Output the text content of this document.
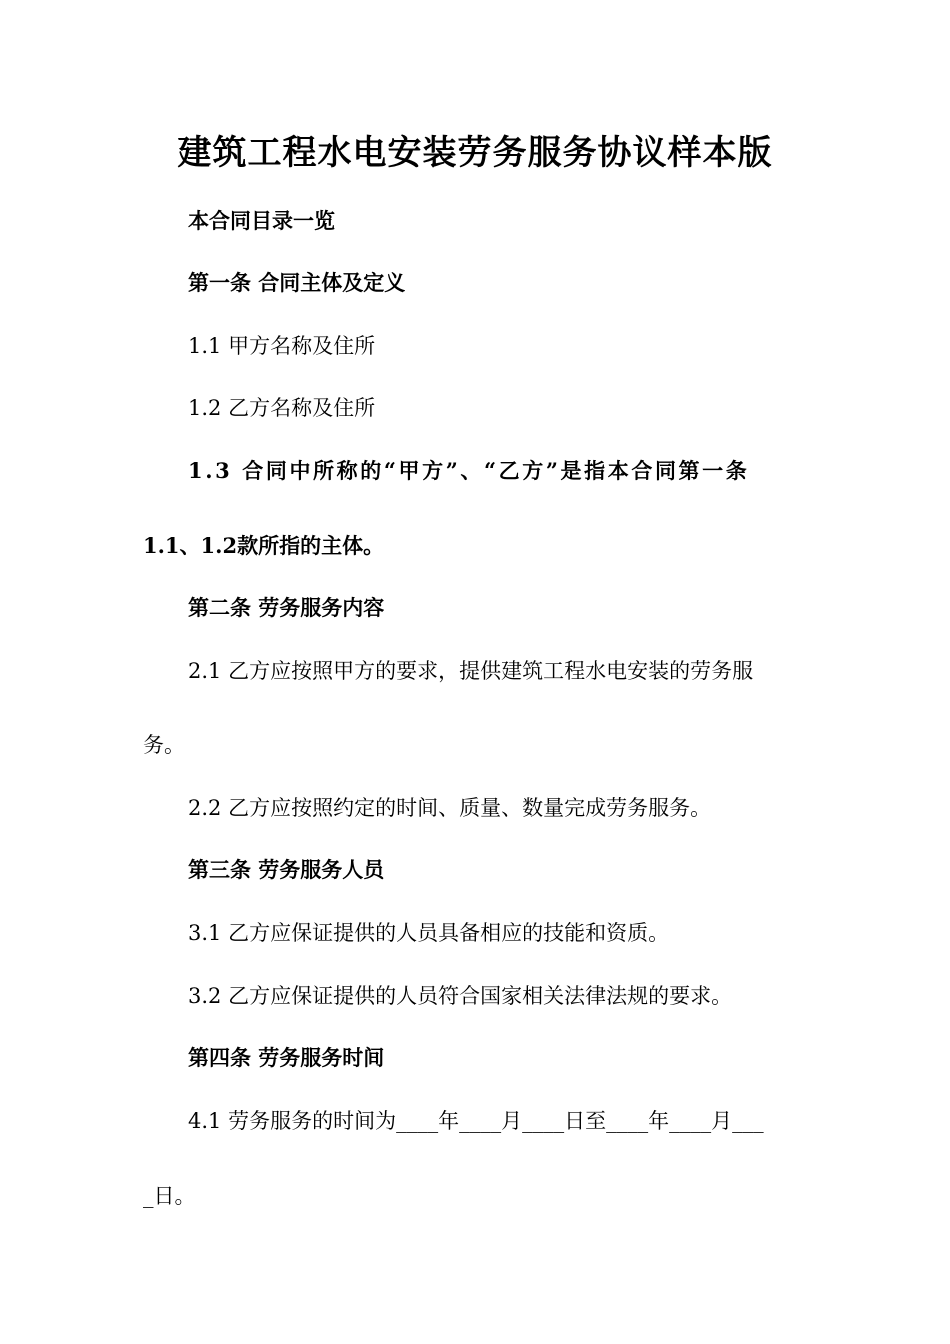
建筑工程水电安装劳务服务协议样本版
本合同目录一览
第一条 合同主体及定义
1.1 甲方名称及住所
1.2 乙方名称及住所
1.3 合同中所称的“甲方”、“乙方”是指本合同第一条
1.1、1.2款所指的主体。
第二条 劳务服务内容
2.1 乙方应按照甲方的要求，提供建筑工程水电安装的劳务服
务。
2.2 乙方应按照约定的时间、质量、数量完成劳务服务。
第三条 劳务服务人员
3.1 乙方应保证提供的人员具备相应的技能和资质。
3.2 乙方应保证提供的人员符合国家相关法律法规的要求。
第四条 劳务服务时间
4.1 劳务服务的时间为____年____月____日至____年____月___
_日。
